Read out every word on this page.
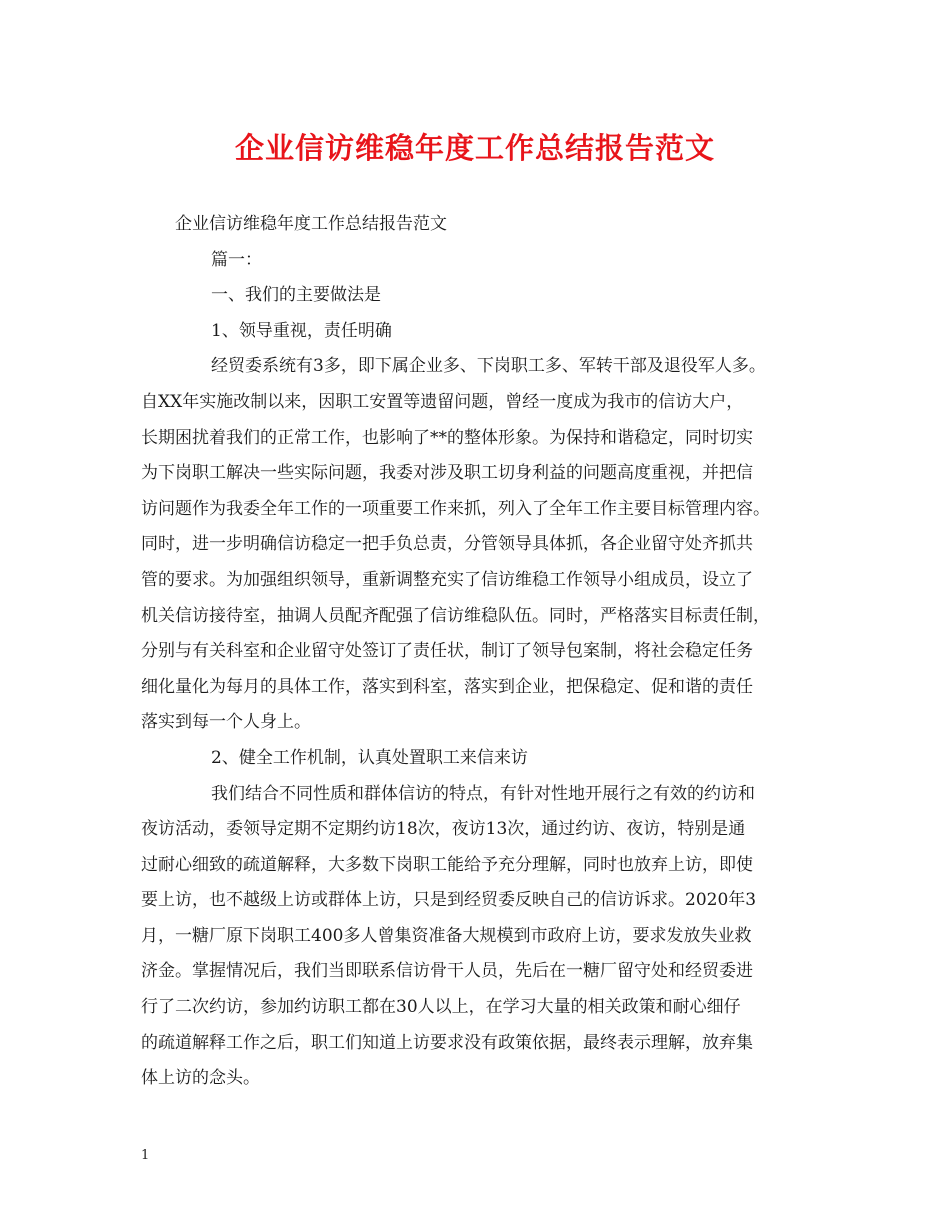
企业信访维稳年度工作总结报告范文
企业信访维稳年度工作总结报告范文
篇一：
一、我们的主要做法是
1、领导重视，责任明确
经贸委系统有3多，即下属企业多、下岗职工多、军转干部及退役军人多。
自XX年实施改制以来，因职工安置等遗留问题，曾经一度成为我市的信访大户，
长期困扰着我们的正常工作，也影响了**的整体形象。为保持和谐稳定，同时切实
为下岗职工解决一些实际问题，我委对涉及职工切身利益的问题高度重视，并把信
访问题作为我委全年工作的一项重要工作来抓，列入了全年工作主要目标管理内容。
同时，进一步明确信访稳定一把手负总责，分管领导具体抓，各企业留守处齐抓共
管的要求。为加强组织领导，重新调整充实了信访维稳工作领导小组成员，设立了
机关信访接待室，抽调人员配齐配强了信访维稳队伍。同时，严格落实目标责任制，
分别与有关科室和企业留守处签订了责任状，制订了领导包案制，将社会稳定任务
细化量化为每月的具体工作，落实到科室，落实到企业，把保稳定、促和谐的责任
落实到每一个人身上。
2、健全工作机制，认真处置职工来信来访
我们结合不同性质和群体信访的特点，有针对性地开展行之有效的约访和
夜访活动，委领导定期不定期约访18次，夜访13次，通过约访、夜访，特别是通
过耐心细致的疏道解释，大多数下岗职工能给予充分理解，同时也放弃上访，即使
要上访，也不越级上访或群体上访，只是到经贸委反映自己的信访诉求。2020年3
月，一糖厂原下岗职工400多人曾集资准备大规模到市政府上访，要求发放失业救
济金。掌握情况后，我们当即联系信访骨干人员，先后在一糖厂留守处和经贸委进
行了二次约访，参加约访职工都在30人以上，在学习大量的相关政策和耐心细仔
的疏道解释工作之后，职工们知道上访要求没有政策依据，最终表示理解，放弃集
体上访的念头。
1
